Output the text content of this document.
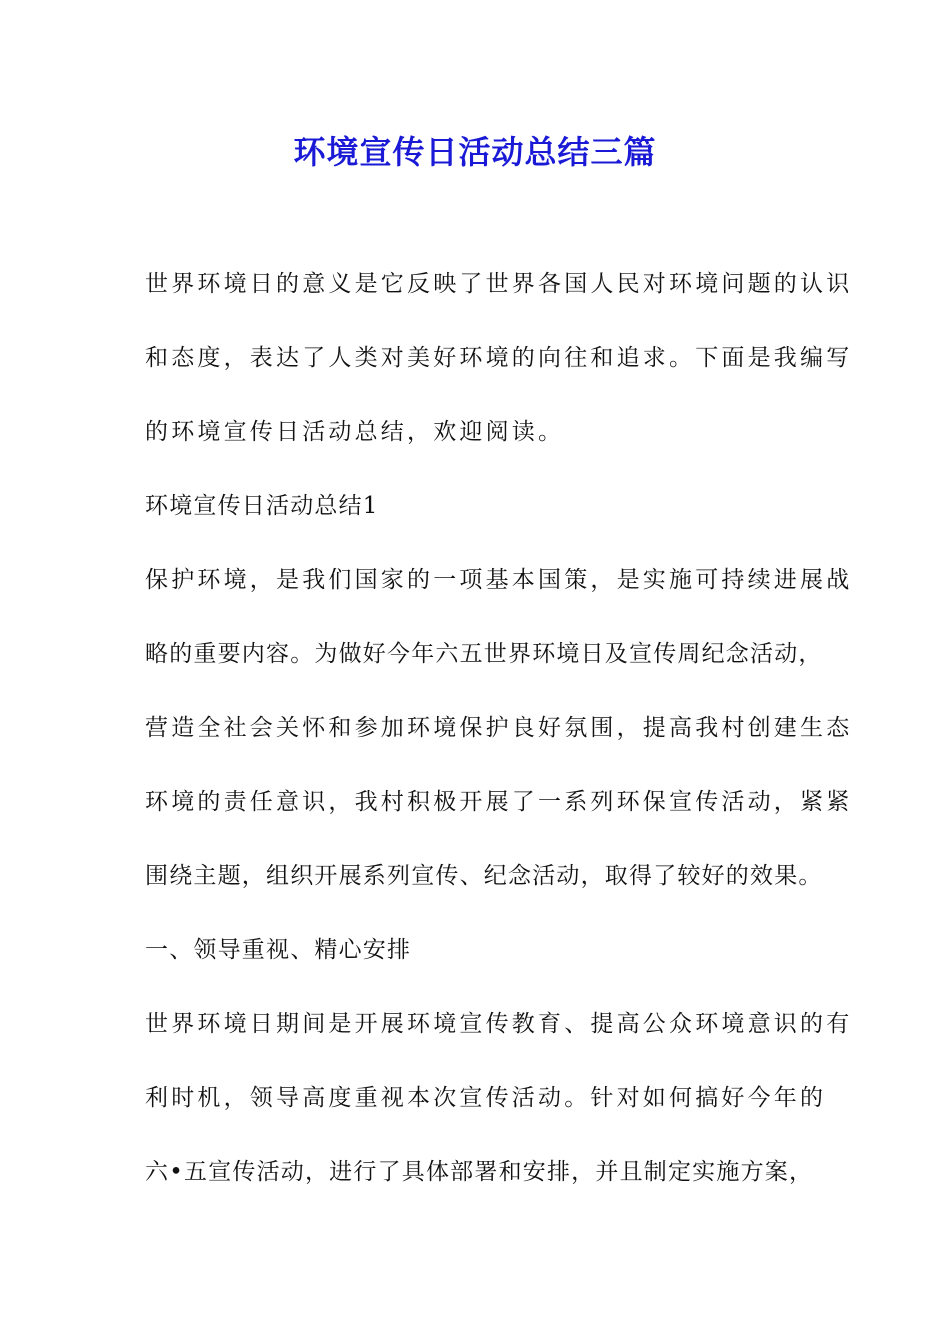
环境宣传日活动总结三篇
世界环境日的意义是它反映了世界各国人民对环境问题的认识
和态度，表达了人类对美好环境的向往和追求。下面是我编写
的环境宣传日活动总结，欢迎阅读。
环境宣传日活动总结1
保护环境，是我们国家的一项基本国策，是实施可持续进展战
略的重要内容。为做好今年六五世界环境日及宣传周纪念活动，
营造全社会关怀和参加环境保护良好氛围，提高我村创建生态
环境的责任意识，我村积极开展了一系列环保宣传活动，紧紧
围绕主题，组织开展系列宣传、纪念活动，取得了较好的效果。
一、领导重视、精心安排
世界环境日期间是开展环境宣传教育、提高公众环境意识的有
利时机，领导高度重视本次宣传活动。针对如何搞好今年的
六•五宣传活动，进行了具体部署和安排，并且制定实施方案，
